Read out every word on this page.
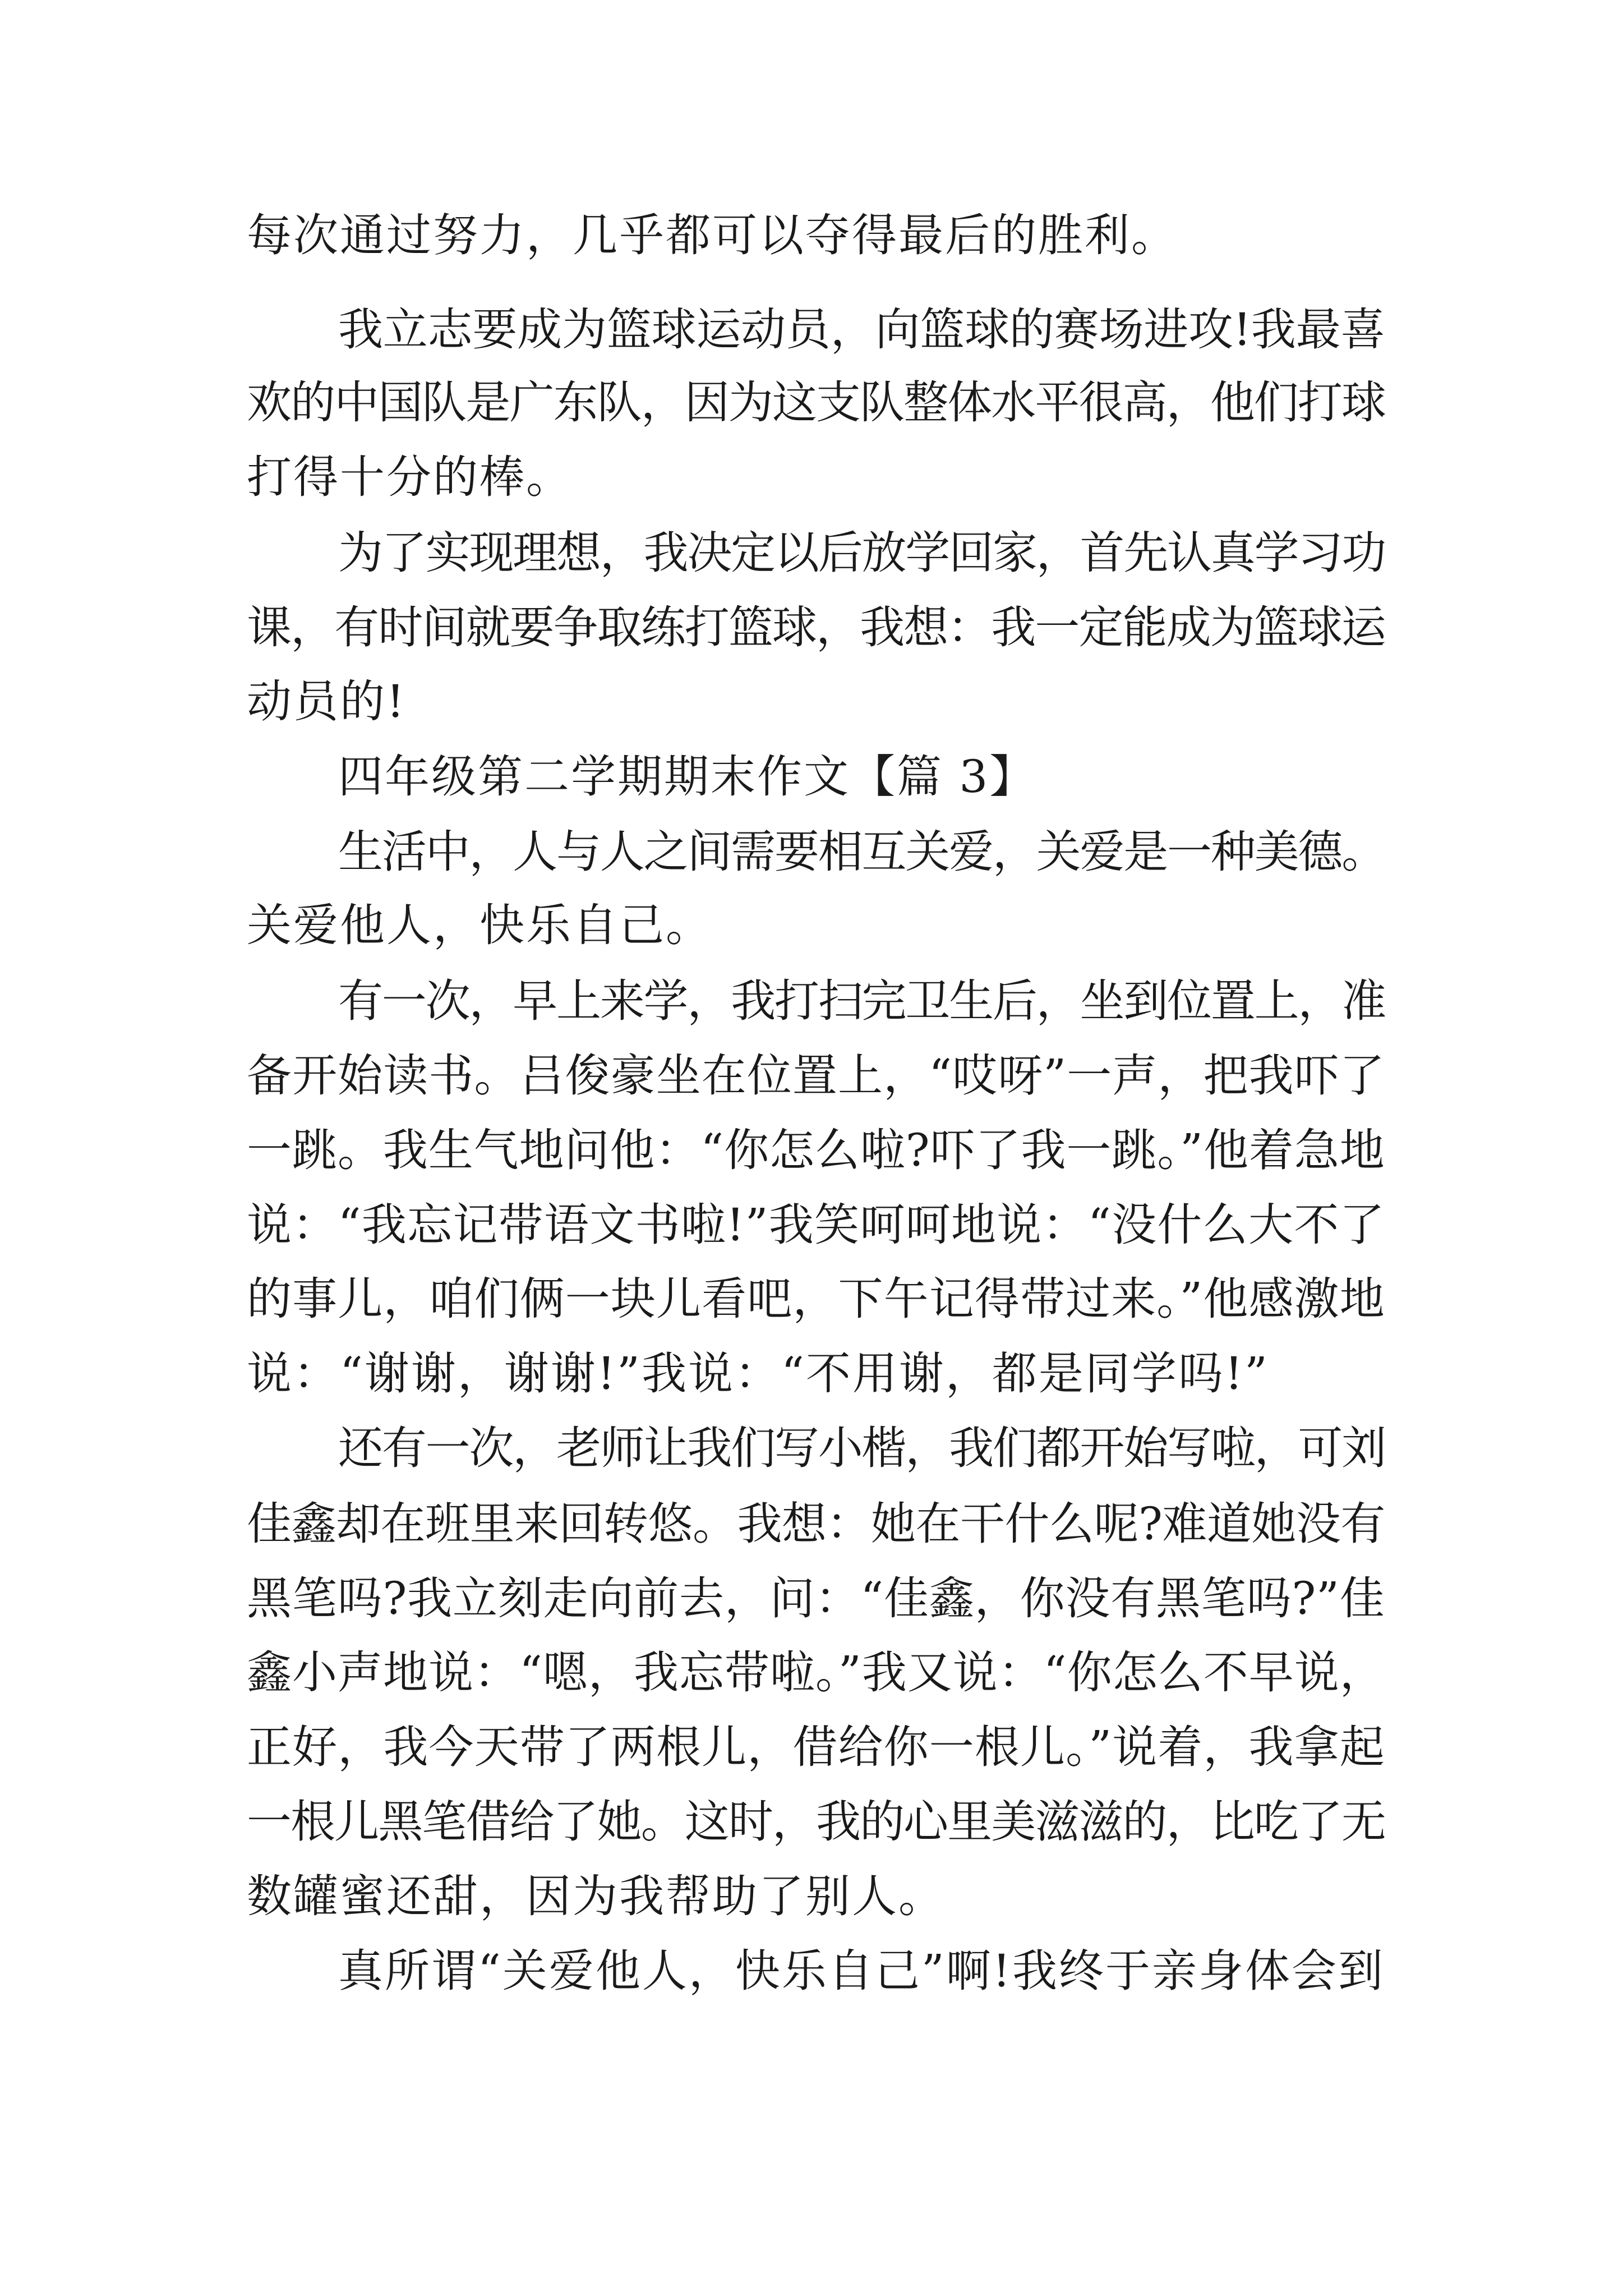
每次通过努力，几乎都可以夺得最后的胜利。
我立志要成为篮球运动员，向篮球的赛场进攻!我最喜
欢的中国队是广东队，因为这支队整体水平很高，他们打球
打得十分的棒。
为了实现理想，我决定以后放学回家，首先认真学习功
课，有时间就要争取练打篮球，我想：我一定能成为篮球运
动员的!
四年级第二学期期末作文【篇 3】
生活中，人与人之间需要相互关爱，关爱是一种美德。
关爱他人，快乐自己。
有一次，早上来学，我打扫完卫生后，坐到位置上，准
备开始读书。吕俊豪坐在位置上，“哎呀”一声，把我吓了
一跳。我生气地问他：“你怎么啦?吓了我一跳。”他着急地
说：“我忘记带语文书啦!”我笑呵呵地说：“没什么大不了
的事儿，咱们俩一块儿看吧，下午记得带过来。”他感激地
说：“谢谢，谢谢!”我说：“不用谢，都是同学吗!”
还有一次，老师让我们写小楷，我们都开始写啦，可刘
佳鑫却在班里来回转悠。我想：她在干什么呢?难道她没有
黑笔吗?我立刻走向前去，问：“佳鑫，你没有黑笔吗?”佳
鑫小声地说：“嗯，我忘带啦。”我又说：“你怎么不早说，
正好，我今天带了两根儿，借给你一根儿。”说着，我拿起
一根儿黑笔借给了她。这时，我的心里美滋滋的，比吃了无
数罐蜜还甜，因为我帮助了别人。
真所谓“关爱他人，快乐自己”啊!我终于亲身体会到
